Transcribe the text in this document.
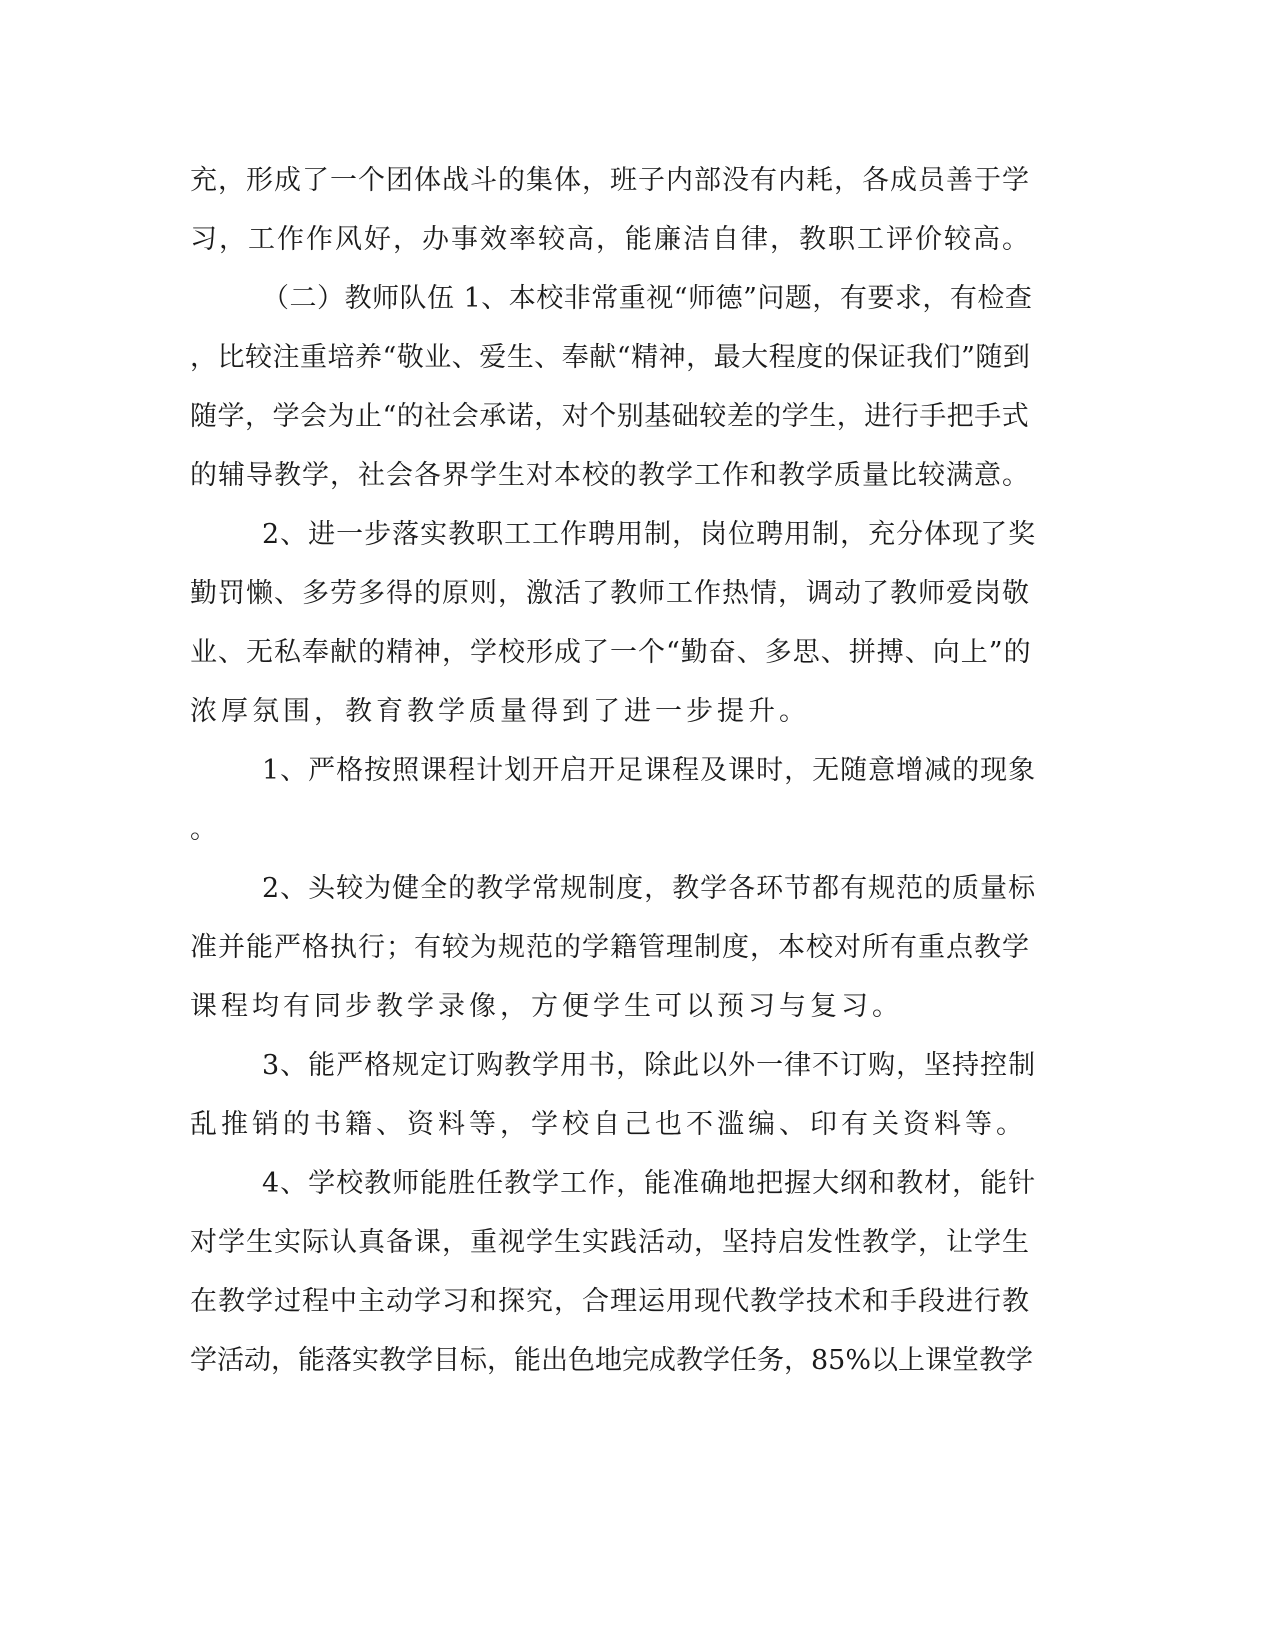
充，形成了一个团体战斗的集体，班子内部没有内耗，各成员善于学

习，工作作风好，办事效率较高，能廉洁自律，教职工评价较高。

（二）教师队伍 1、本校非常重视“师德”问题，有要求，有检查

，比较注重培养“敬业、爱生、奉献“精神，最大程度的保证我们”随到

随学，学会为止“的社会承诺，对个别基础较差的学生，进行手把手式

的辅导教学，社会各界学生对本校的教学工作和教学质量比较满意。

2、进一步落实教职工工作聘用制，岗位聘用制，充分体现了奖

勤罚懒、多劳多得的原则，激活了教师工作热情，调动了教师爱岗敬

业、无私奉献的精神，学校形成了一个“勤奋、多思、拼搏、向上”的

浓厚氛围，教育教学质量得到了进一步提升。

1、严格按照课程计划开启开足课程及课时，无随意增减的现象

。

2、头较为健全的教学常规制度，教学各环节都有规范的质量标

准并能严格执行；有较为规范的学籍管理制度，本校对所有重点教学

课程均有同步教学录像，方便学生可以预习与复习。

3、能严格规定订购教学用书，除此以外一律不订购，坚持控制

乱推销的书籍、资料等，学校自己也不滥编、印有关资料等。

4、学校教师能胜任教学工作，能准确地把握大纲和教材，能针

对学生实际认真备课，重视学生实践活动，坚持启发性教学，让学生

在教学过程中主动学习和探究，合理运用现代教学技术和手段进行教

学活动，能落实教学目标，能出色地完成教学任务，85%以上课堂教学
